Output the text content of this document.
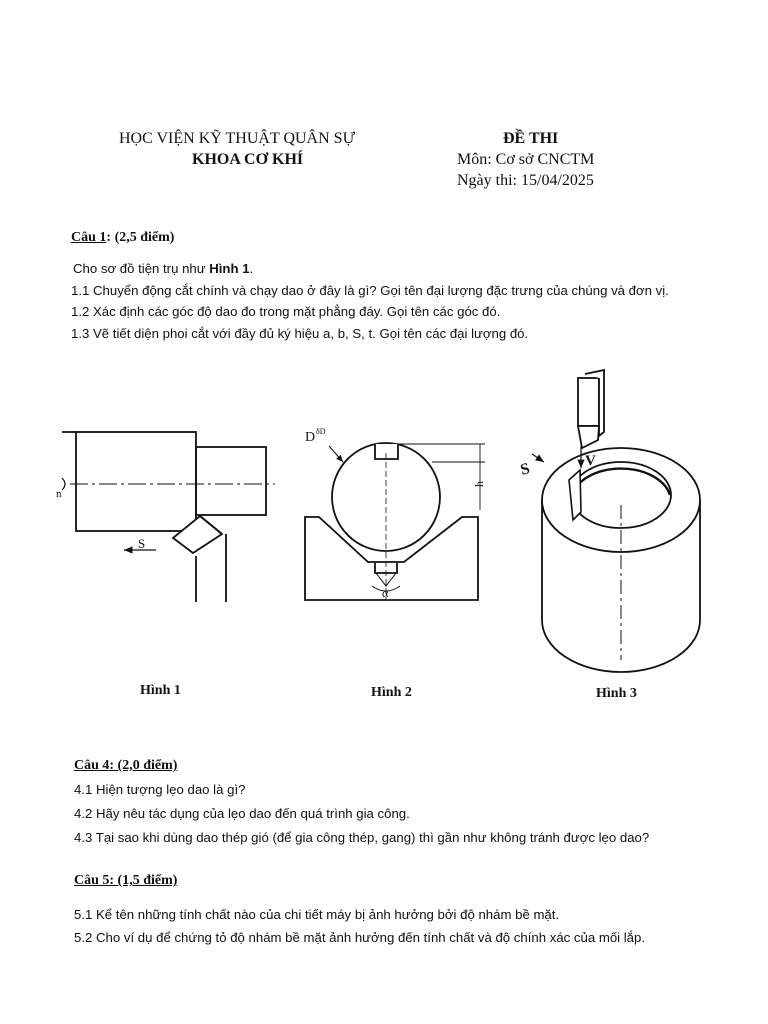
HỌC VIỆN KỸ THUẬT QUÂN SỰ
KHOA CƠ KHÍ
ĐỀ THI
Môn: Cơ sở CNCTM
Ngày thi: 15/04/2025
Câu 1: (2,5 điểm)
Cho sơ đồ tiện trụ như Hình 1.
1.1 Chuyển động cắt chính và chạy dao ở đây là gì? Gọi tên đại lượng đặc trưng của chúng và đơn vị.
1.2 Xác định các góc độ dao đo trong mặt phẳng đáy. Gọi tên các góc đó.
1.3 Vẽ tiết diện phoi cắt với đầy đủ ký hiệu a, b, S, t. Gọi tên các đại lượng đó.
n
S
D δD
h
α
S	V
Hình 1	Hình 2	Hình 3
Câu 4: (2,0 điểm)
4.1 Hiện tượng lẹo dao là gì?
4.2 Hãy nêu tác dụng của lẹo dao đến quá trình gia công.
4.3 Tại sao khi dùng dao thép gió (để gia công thép, gang) thì gần như không tránh được lẹo dao?
Câu 5: (1,5 điểm)
5.1 Kể tên những tính chất nào của chi tiết máy bị ảnh hưởng bởi độ nhám bề mặt.
5.2 Cho ví dụ để chứng tỏ độ nhám bề mặt ảnh hưởng đến tính chất và độ chính xác của mối lắp.
